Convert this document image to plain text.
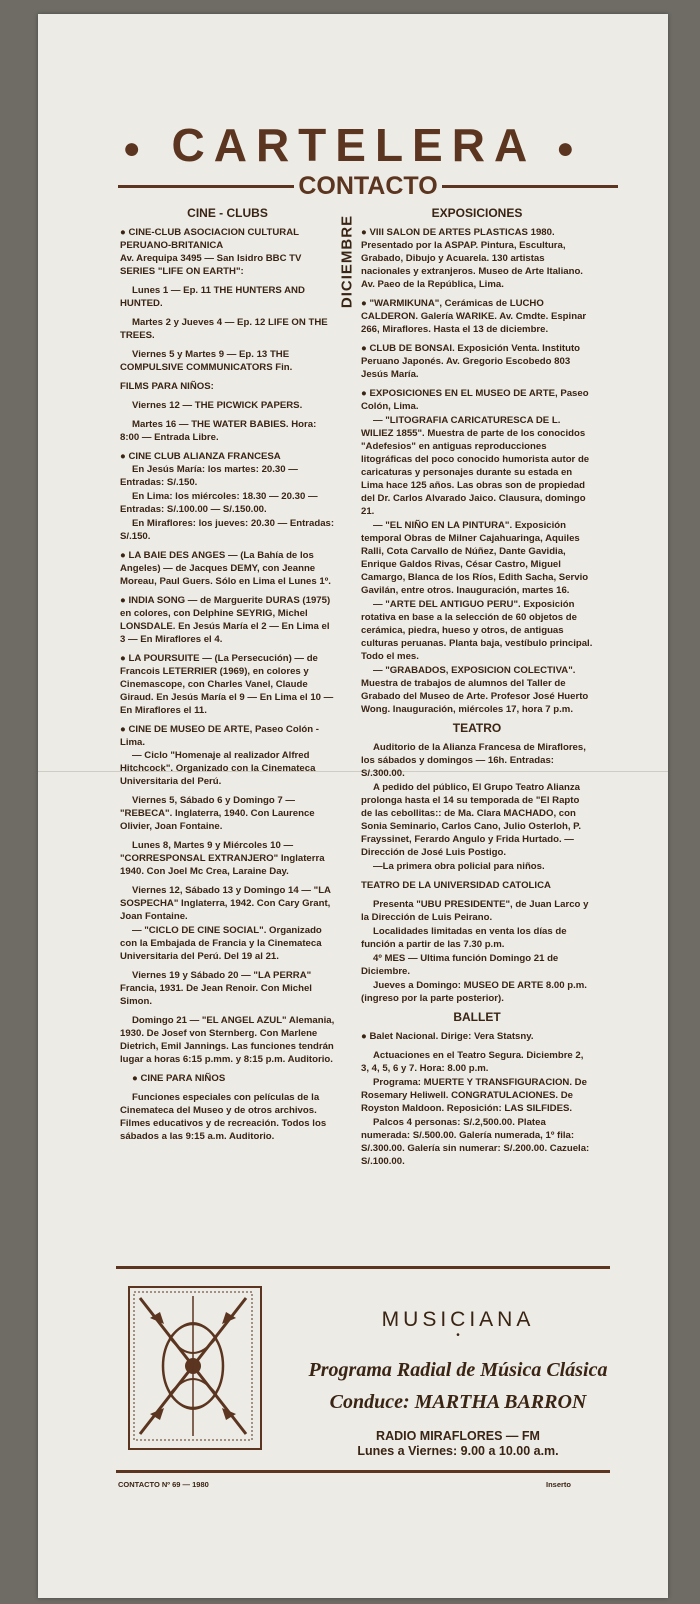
● CARTELERA ●
CONTACTO
DICIEMBRE

CINE - CLUBS

● CINE-CLUB ASOCIACION CULTURAL PERUANO-BRITANICA

Av. Arequipa 3495 — San Isidro BBC TV SERIES "LIFE ON EARTH":

Lunes 1 — Ep. 11 THE HUNTERS AND HUNTED.

Martes 2 y Jueves 4 — Ep. 12 LIFE ON THE TREES.

Viernes 5 y Martes 9 — Ep. 13 THE COMPULSIVE COMMUNICATORS Fin.

FILMS PARA NIÑOS:

Viernes 12 — THE PICWICK PAPERS.

Martes 16 — THE WATER BABIES. Hora: 8:00 — Entrada Libre.

● CINE CLUB ALIANZA FRANCESA

En Jesús María: los martes: 20.30 — Entradas: S/.150.

En Lima: los miércoles: 18.30 — 20.30 — Entradas: S/.100.00 — S/.150.00.

En Miraflores: los jueves: 20.30 — Entradas: S/.150.

● LA BAIE DES ANGES — (La Bahía de los Angeles) — de Jacques DEMY, con Jeanne Moreau, Paul Guers. Sólo en Lima el Lunes 1º.

● INDIA SONG — de Marguerite DURAS (1975) en colores, con Delphine SEYRIG, Michel LONSDALE. En Jesús María el 2 — En Lima el 3 — En Miraflores el 4.

● LA POURSUITE — (La Persecución) — de Francois LETERRIER (1969), en colores y Cinemascope, con Charles Vanel, Claude Giraud. En Jesús María el 9 — En Lima el 10 — En Miraflores el 11.

● CINE DE MUSEO DE ARTE, Paseo Colón - Lima.

— Ciclo "Homenaje al realizador Alfred Hitchcock". Organizado con la Cinemateca Universitaria del Perú.

Viernes 5, Sábado 6 y Domingo 7 — "REBECA". Inglaterra, 1940. Con Laurence Olivier, Joan Fontaine.

Lunes 8, Martes 9 y Miércoles 10 — "CORRESPONSAL EXTRANJERO" Inglaterra 1940. Con Joel Mc Crea, Laraine Day.

Viernes 12, Sábado 13 y Domingo 14 — "LA SOSPECHA" Inglaterra, 1942. Con Cary Grant, Joan Fontaine.

— "CICLO DE CINE SOCIAL". Organizado con la Embajada de Francia y la Cinemateca Universitaria del Perú. Del 19 al 21.

Viernes 19 y Sábado 20 — "LA PERRA" Francia, 1931. De Jean Renoir. Con Michel Simon.

Domingo 21 — "EL ANGEL AZUL" Alemania, 1930. De Josef von Sternberg. Con Marlene Dietrich, Emil Jannings. Las funciones tendrán lugar a horas 6:15 p.mm. y 8:15 p.m. Auditorio.

● CINE PARA NIÑOS

Funciones especiales con películas de la Cinemateca del Museo y de otros archivos. Filmes educativos y de recreación. Todos los sábados a las 9:15 a.m. Auditorio.

EXPOSICIONES

● VIII SALON DE ARTES PLASTICAS 1980. Presentado por la ASPAP. Pintura, Escultura, Grabado, Dibujo y Acuarela. 130 artistas nacionales y extranjeros. Museo de Arte Italiano. Av. Paeo de la República, Lima.

● "WARMIKUNA", Cerámicas de LUCHO CALDERON. Galería WARIKE. Av. Cmdte. Espinar 266, Miraflores. Hasta el 13 de diciembre.

● CLUB DE BONSAI. Exposición Venta. Instituto Peruano Japonés. Av. Gregorio Escobedo 803 Jesús María.

● EXPOSICIONES EN EL MUSEO DE ARTE, Paseo Colón, Lima.

— "LITOGRAFIA CARICATURESCA DE L. WILIEZ 1855". Muestra de parte de los conocidos "Adefesios" en antiguas reproducciones litográficas del poco conocido humorista autor de caricaturas y personajes durante su estada en Lima hace 125 años. Las obras son de propiedad del Dr. Carlos Alvarado Jaico. Clausura, domingo 21.

— "EL NIÑO EN LA PINTURA". Exposición temporal Obras de Milner Cajahuaringa, Aquiles Ralli, Cota Carvallo de Núñez, Dante Gavidia, Enrique Galdos Rivas, César Castro, Miguel Camargo, Blanca de los Ríos, Edith Sacha, Servio Gavilán, entre otros. Inauguración, martes 16.

— "ARTE DEL ANTIGUO PERU". Exposición rotativa en base a la selección de 60 objetos de cerámica, piedra, hueso y otros, de antiguas culturas peruanas. Planta baja, vestíbulo principal. Todo el mes.

— "GRABADOS, EXPOSICION COLECTIVA". Muestra de trabajos de alumnos del Taller de Grabado del Museo de Arte. Profesor José Huerto Wong. Inauguración, miércoles 17, hora 7 p.m.

TEATRO

Auditorio de la Alianza Francesa de Miraflores, los sábados y domingos — 16h. Entradas: S/.300.00.

A pedido del público, El Grupo Teatro Alianza prolonga hasta el 14 su temporada de "El Rapto de las cebollitas:: de Ma. Clara MACHADO, con Sonia Seminario, Carlos Cano, Julio Osterloh, P. Frayssinet, Ferardo Angulo y Frida Hurtado. — Dirección de José Luis Postigo.

—La primera obra policial para niños.

TEATRO DE LA UNIVERSIDAD CATOLICA

Presenta "UBU PRESIDENTE", de Juan Larco y la Dirección de Luis Peirano.

Localidades limitadas en venta los días de función a partir de las 7.30 p.m.

4º MES — Ultima función Domingo 21 de Diciembre.

Jueves a Domingo: MUSEO DE ARTE 8.00 p.m. (ingreso por la parte posterior).

BALLET

● Balet Nacional. Dirige: Vera Statsny.

Actuaciones en el Teatro Segura. Diciembre 2, 3, 4, 5, 6 y 7. Hora: 8.00 p.m.

Programa: MUERTE Y TRANSFIGURACION. De Rosemary Heliwell. CONGRATULACIONES. De Royston Maldoon. Reposición: LAS SILFIDES.

Palcos 4 personas: S/.2,500.00. Platea numerada: S/.500.00. Galería numerada, 1º fila: S/.300.00. Galería sin numerar: S/.200.00. Cazuela: S/.100.00.

MUSICIANA
•
Programa Radial de Música Clásica
Conduce: MARTHA BARRON
RADIO MIRAFLORES — FM
Lunes a Viernes: 9.00 a 10.00 a.m.
CONTACTO Nº 69 — 1980	Inserto
